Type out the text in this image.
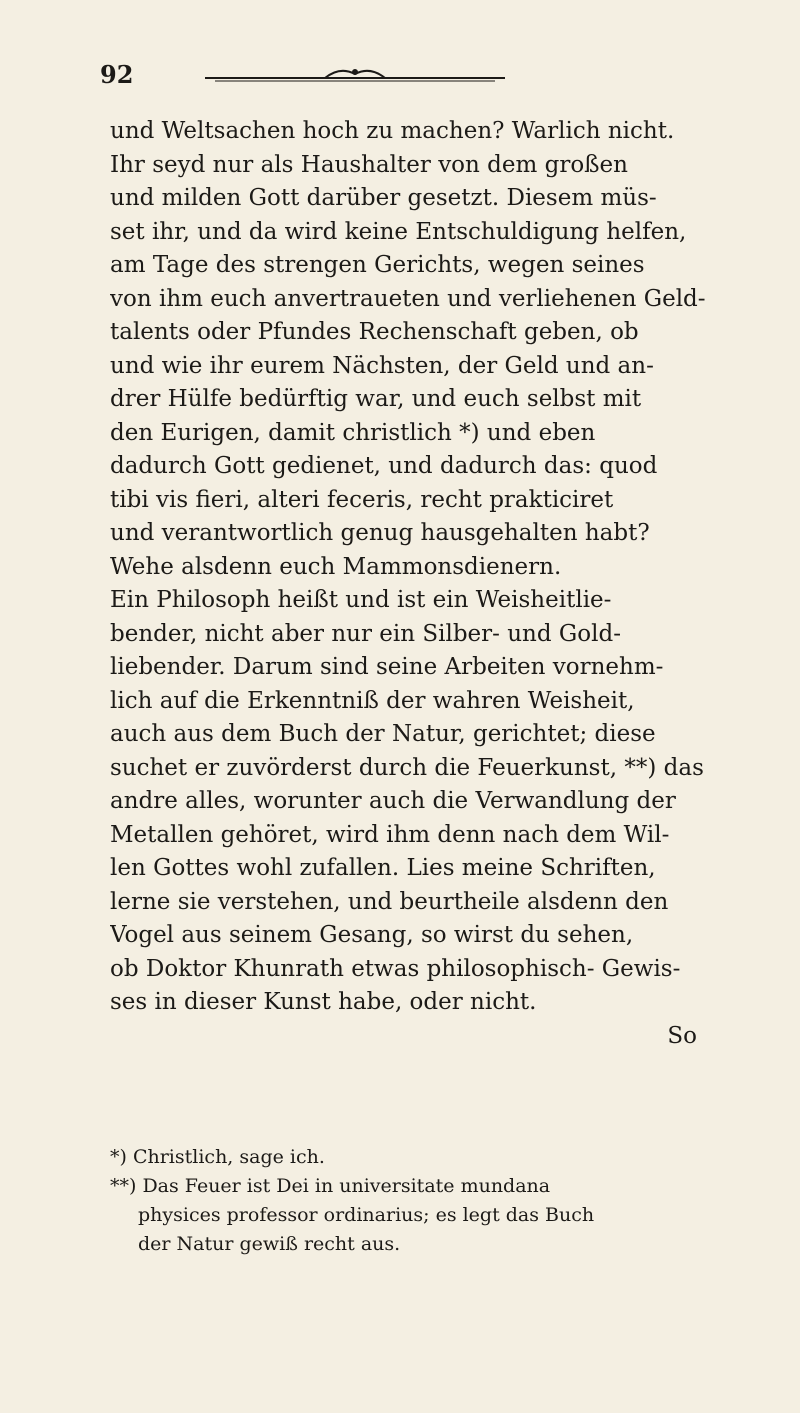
92
und Weltsachen hoch zu machen? Warlich nicht.
Ihr seyd nur als Haushalter von dem großen
und milden Gott darüber gesetzt. Diesem müs-
set ihr, und da wird keine Entschuldigung helfen,
am Tage des strengen Gerichts, wegen seines
von ihm euch anvertraueten und verliehenen Geld-
talents oder Pfundes Rechenschaft geben, ob
und wie ihr eurem Nächsten, der Geld und an-
drer Hülfe bedürftig war, und euch selbst mit
den Eurigen, damit christlich *) und eben
dadurch Gott gedienet, und dadurch das: quod
tibi vis fieri, alteri feceris, recht prakticiret
und verantwortlich genug hausgehalten habt?
Wehe alsdenn euch Mammonsdienern.
Ein Philosoph heißt und ist ein Weisheitlie-
bender, nicht aber nur ein Silber- und Gold-
liebender. Darum sind seine Arbeiten vornehm-
lich auf die Erkenntniß der wahren Weisheit,
auch aus dem Buch der Natur, gerichtet; diese
suchet er zuvörderst durch die Feuerkunst, **) das
andre alles, worunter auch die Verwandlung der
Metallen gehöret, wird ihm denn nach dem Wil-
len Gottes wohl zufallen. Lies meine Schriften,
lerne sie verstehen, und beurtheile alsdenn den
Vogel aus seinem Gesang, so wirst du sehen,
ob Doktor Khunrath etwas philosophisch- Gewis-
ses in dieser Kunst habe, oder nicht.
So
*) Christlich, sage ich.
**) Das Feuer ist Dei in universitate mundana
physices professor ordinarius; es legt das Buch
der Natur gewiß recht aus.
